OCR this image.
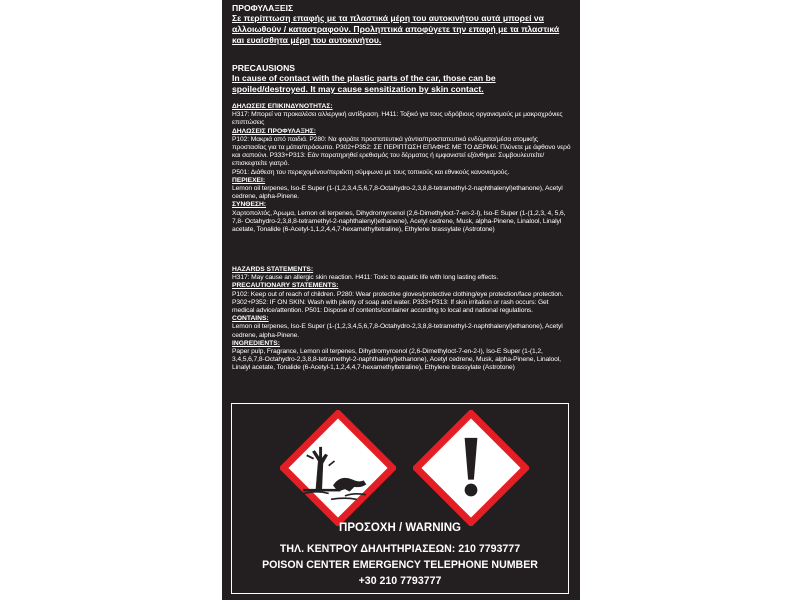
ΠΡΟΦΥΛΑΞΕΙΣ
Σε περίπτωση επαφής με τα πλαστικά μέρη του αυτοκινήτου αυτά μπορεί να αλλοιωθούν / καταστραφούν. Προληπτικά αποφύγετε την επαφή με τα πλαστικά και ευαίσθητα μέρη του αυτοκινήτου.
PRECAUSIONS
In cause of contact with the plastic parts of the car, those can be spoiled/destroyed. It may cause sensitization by skin contact.
ΔΗΛΩΣΕΙΣ ΕΠΙΚΙΝΔΥΝΟΤΗΤΑΣ:
H317: Μπορεί να προκαλέσει αλλεργική αντίδραση. H411: Τοξικό για τους υδρόβιους οργανισμούς με μακροχρόνιες επιπτώσεις
ΔΗΛΩΣΕΙΣ ΠΡΟΦΥΛΑΞΗΣ:
P102: Μακριά από παιδιά. P280: Να φοράτε προστατευτικά γάντια/προστατευτικά ενδύματα/μέσα ατομικής προστασίας για τα μάτια/πρόσωπο. P302+P352: ΣΕ ΠΕΡΙΠΤΩΣΗ ΕΠΑΦΗΣ ΜΕ ΤΟ ΔΕΡΜΑ: Πλύνετε με άφθονο νερό και σαπούνι. P333+P313: Εάν παρατηρηθεί ερεθισμός του δέρματος ή εμφανιστεί εξάνθημα: Συμβουλευτείτε/επισκεφτείτε γιατρό.
P501: Διάθεση του περιεχομένου/περιέκτη σύμφωνα με τους τοπικούς και εθνικούς κανονισμούς.
ΠΕΡΙΕΧΕΙ:
Lemon oil terpenes, Iso-E Super (1-(1,2,3,4,5,6,7,8-Octahydro-2,3,8,8-tetramethyl-2-naphthalenyl)ethanone), Acetyl cedrene, alpha-Pinene.
ΣΥΝΘΕΣΗ:
Χαρτοπολτός, Άρωμα, Lemon oil terpenes, Dihydromyrcenol (2,6-Dimethyloct-7-en-2-l), Iso-E Super (1-(1,2,3, 4, 5,6, 7,8- Octahydro-2,3,8,8-tetramethyl-2-naphthalenyl)ethanone), Acetyl cedrene, Musk, alpha-Pinene, Linalool, Linalyl acetate, Tonalide (6-Acetyl-1,1,2,4,4,7-hexamethyltetraline), Ethylene brassylate (Astrotone)
HAZARDS STATEMENTS:
H317: May cause an allergic skin reaction. H411: Toxic to aquatic life with long lasting effects.
PRECAUTIONARY STATEMENTS:
P102: Keep out of reach of children. P280: Wear protective gloves/protective clothing/eye protection/face protection. P302+P352: IF ON SKIN: Wash with plenty of soap and water. P333+P313: If skin irritation or rash occurs: Get medical advice/attention. P501: Dispose of contents/container according to local and national regulations.
CONTAINS:
Lemon oil terpenes, Iso-E Super (1-(1,2,3,4,5,6,7,8-Octahydro-2,3,8,8-tetramethyl-2-naphthalenyl)ethanone), Acetyl cedrene, alpha-Pinene.
INGREDIENTS:
Paper pulp, Fragrance, Lemon oil terpenes, Dihydromyrcenol (2,6-Dimethyloct-7-en-2-l), Iso-E Super (1-(1,2, 3,4,5,6,7,8-Octahydro-2,3,8,8-tetramethyl-2-naphthalenyl)ethanone), Acetyl cedrene, Musk, alpha-Pinene, Linalool, Linalyl acetate, Tonalide (6-Acetyl-1,1,2,4,4,7-hexamethyltetraline), Ethylene brassylate (Astrotone)
ΠΡΟΣΟΧΗ / WARNING
ΤΗΛ. ΚΕΝΤΡΟΥ ΔΗΛΗΤΗΡΙΑΣΕΩΝ: 210 7793777
POISON CENTER EMERGENCY TELEPHONE NUMBER
+30 210 7793777
